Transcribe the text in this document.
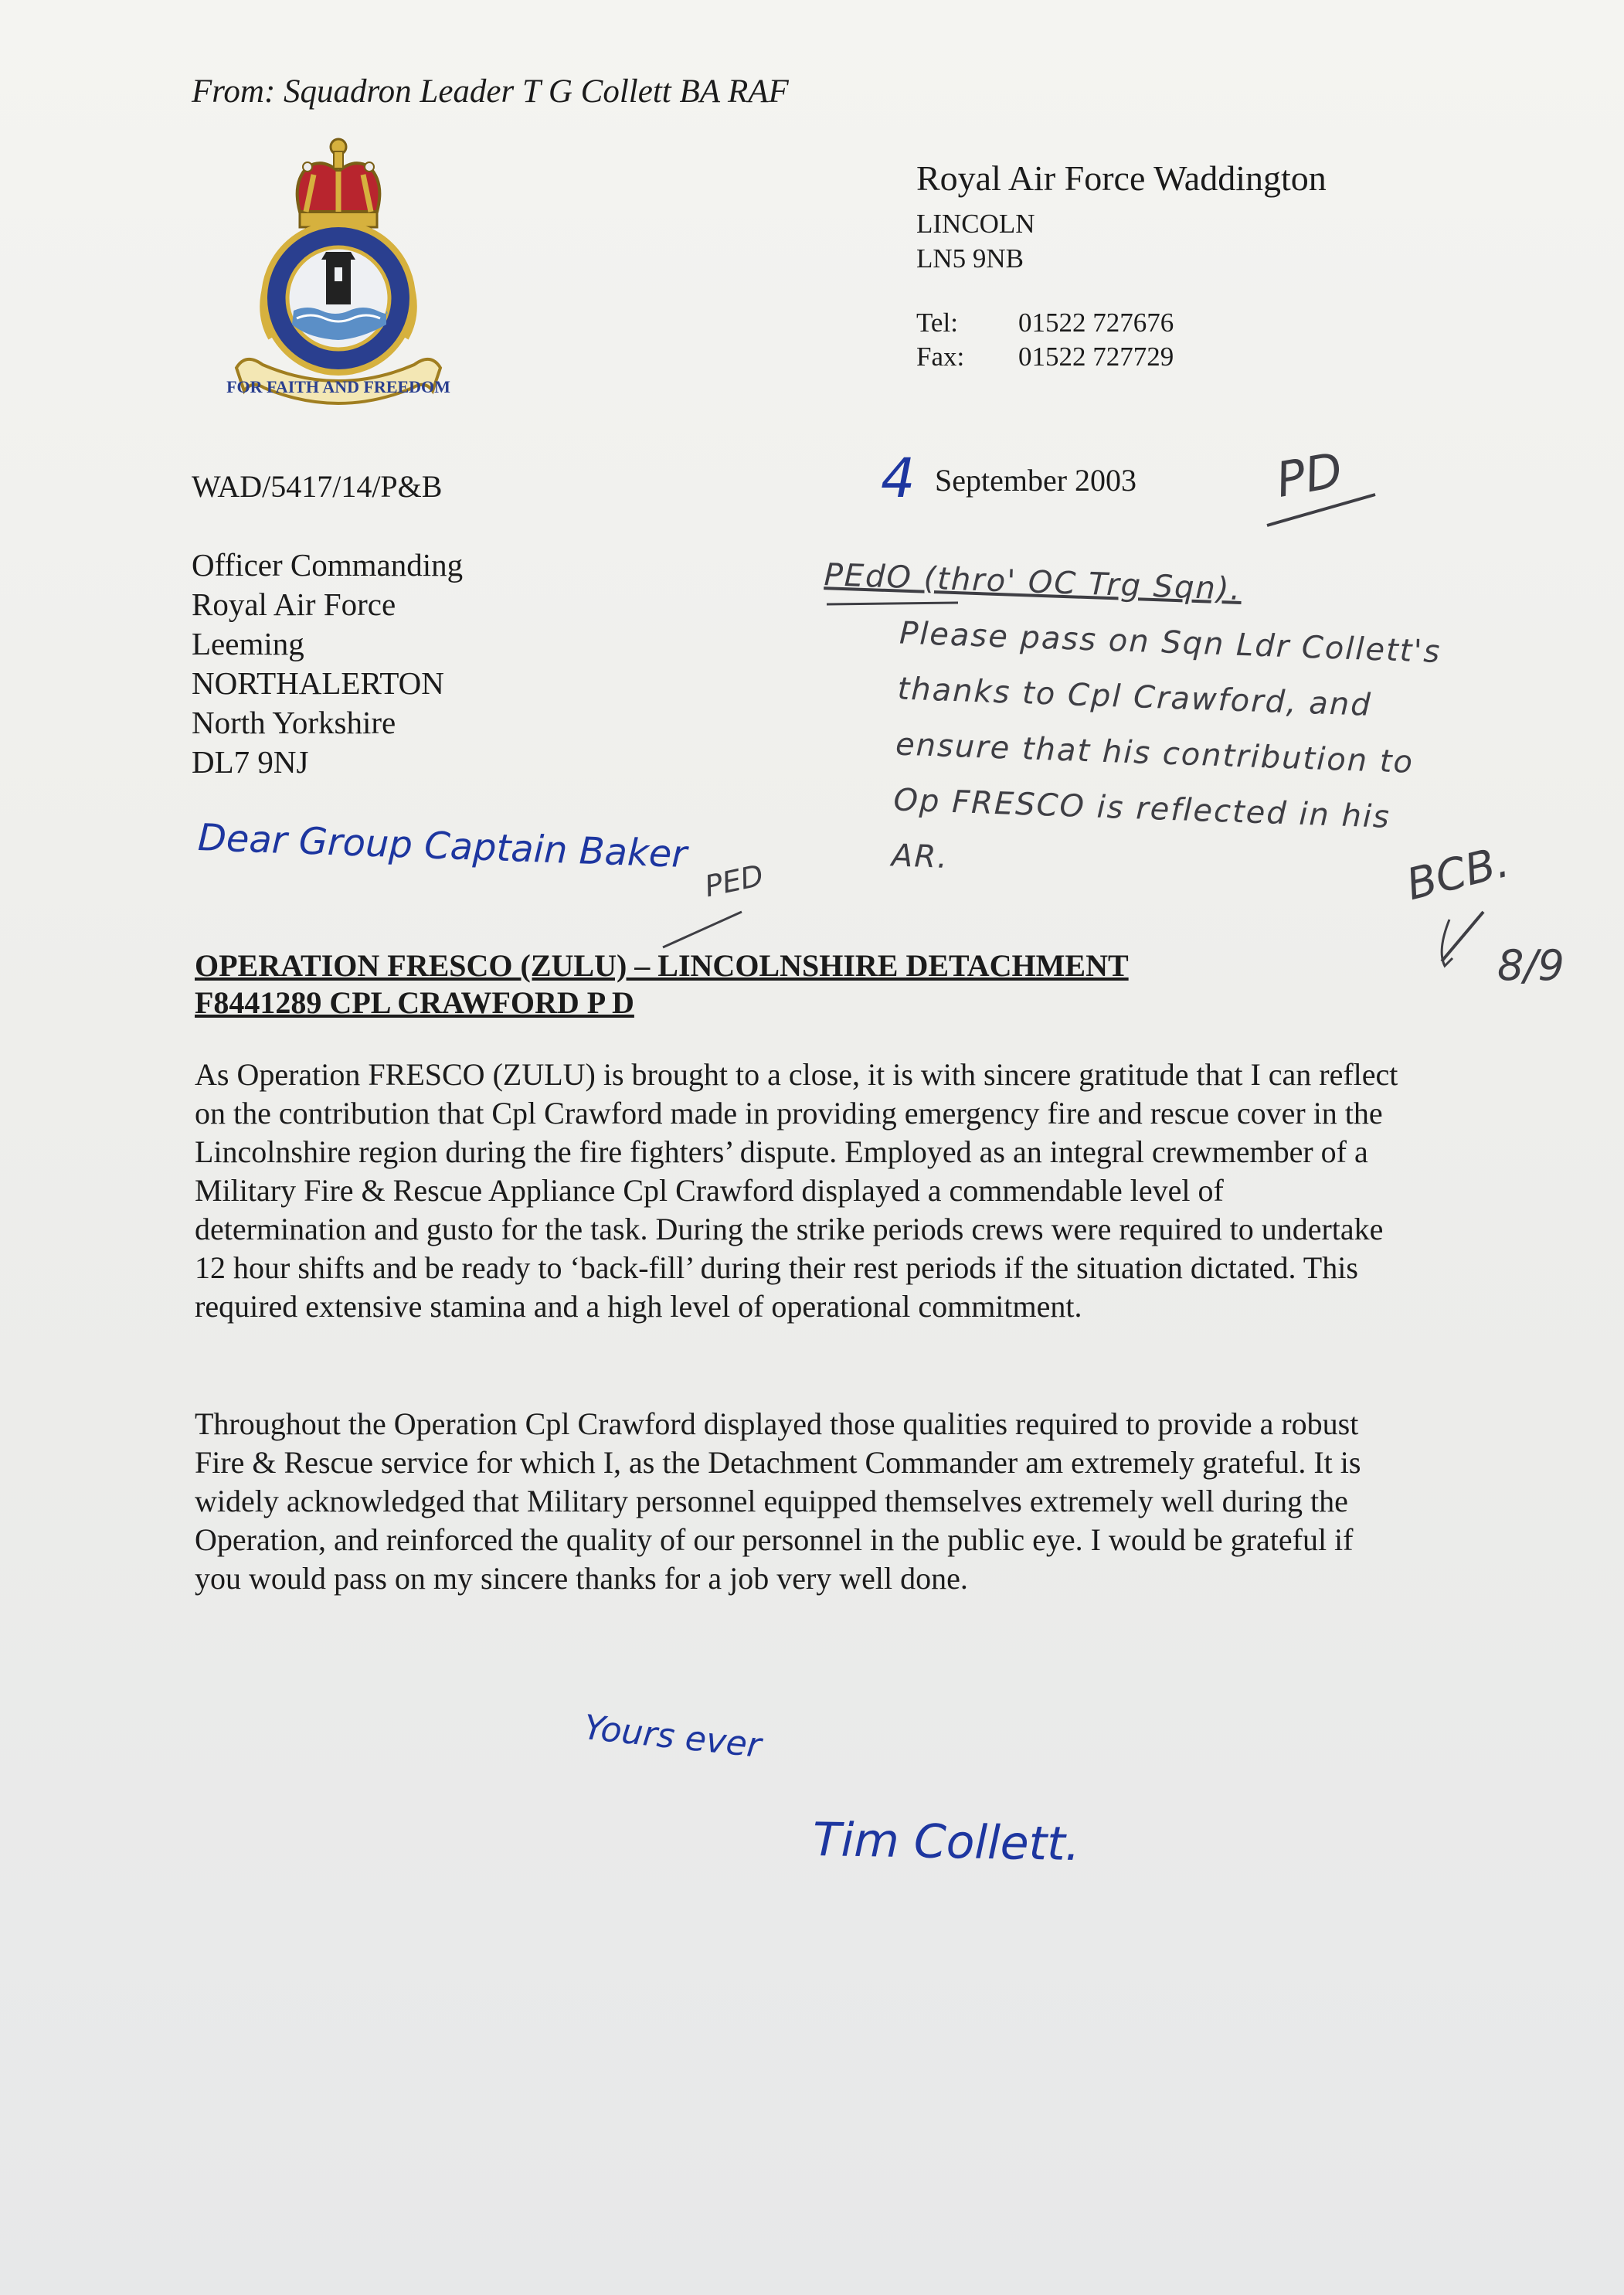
From: Squadron Leader T G Collett BA RAF

FOR FAITH AND FREEDOM
Royal Air Force Waddington
LINCOLN
LN5 9NB
Tel: 01522 727676
Fax: 01522 727729

WAD/5417/14/P&B	4 September 2003

Officer Commanding
Royal Air Force
Leeming
NORTHALERTON
North Yorkshire
DL7 9NJ

Dear Group Captain Baker

OPERATION FRESCO (ZULU) – LINCOLNSHIRE DETACHMENT
F8441289 CPL CRAWFORD P D

As Operation FRESCO (ZULU) is brought to a close, it is with sincere gratitude that I can reflect on the contribution that Cpl Crawford made in providing emergency fire and rescue cover in the Lincolnshire region during the fire fighters’ dispute. Employed as an integral crewmember of a Military Fire & Rescue Appliance Cpl Crawford displayed a commendable level of determination and gusto for the task. During the strike periods crews were required to undertake 12 hour shifts and be ready to ‘back-fill’ during their rest periods if the situation dictated. This required extensive stamina and a high level of operational commitment.

Throughout the Operation Cpl Crawford displayed those qualities required to provide a robust Fire & Rescue service for which I, as the Detachment Commander am extremely grateful. It is widely acknowledged that Military personnel equipped themselves extremely well during the Operation, and reinforced the quality of our personnel in the public eye. I would be grateful if you would pass on my sincere thanks for a job very well done.

Yours ever

Tim Collett.

PEdO (thro' OC Trg Sqn).
Please pass on Sqn Ldr Collett's
thanks to Cpl Crawford, and
ensure that his contribution to
Op FRESCO is reflected in his
AR.	BCB.

8/9

PD

PED
